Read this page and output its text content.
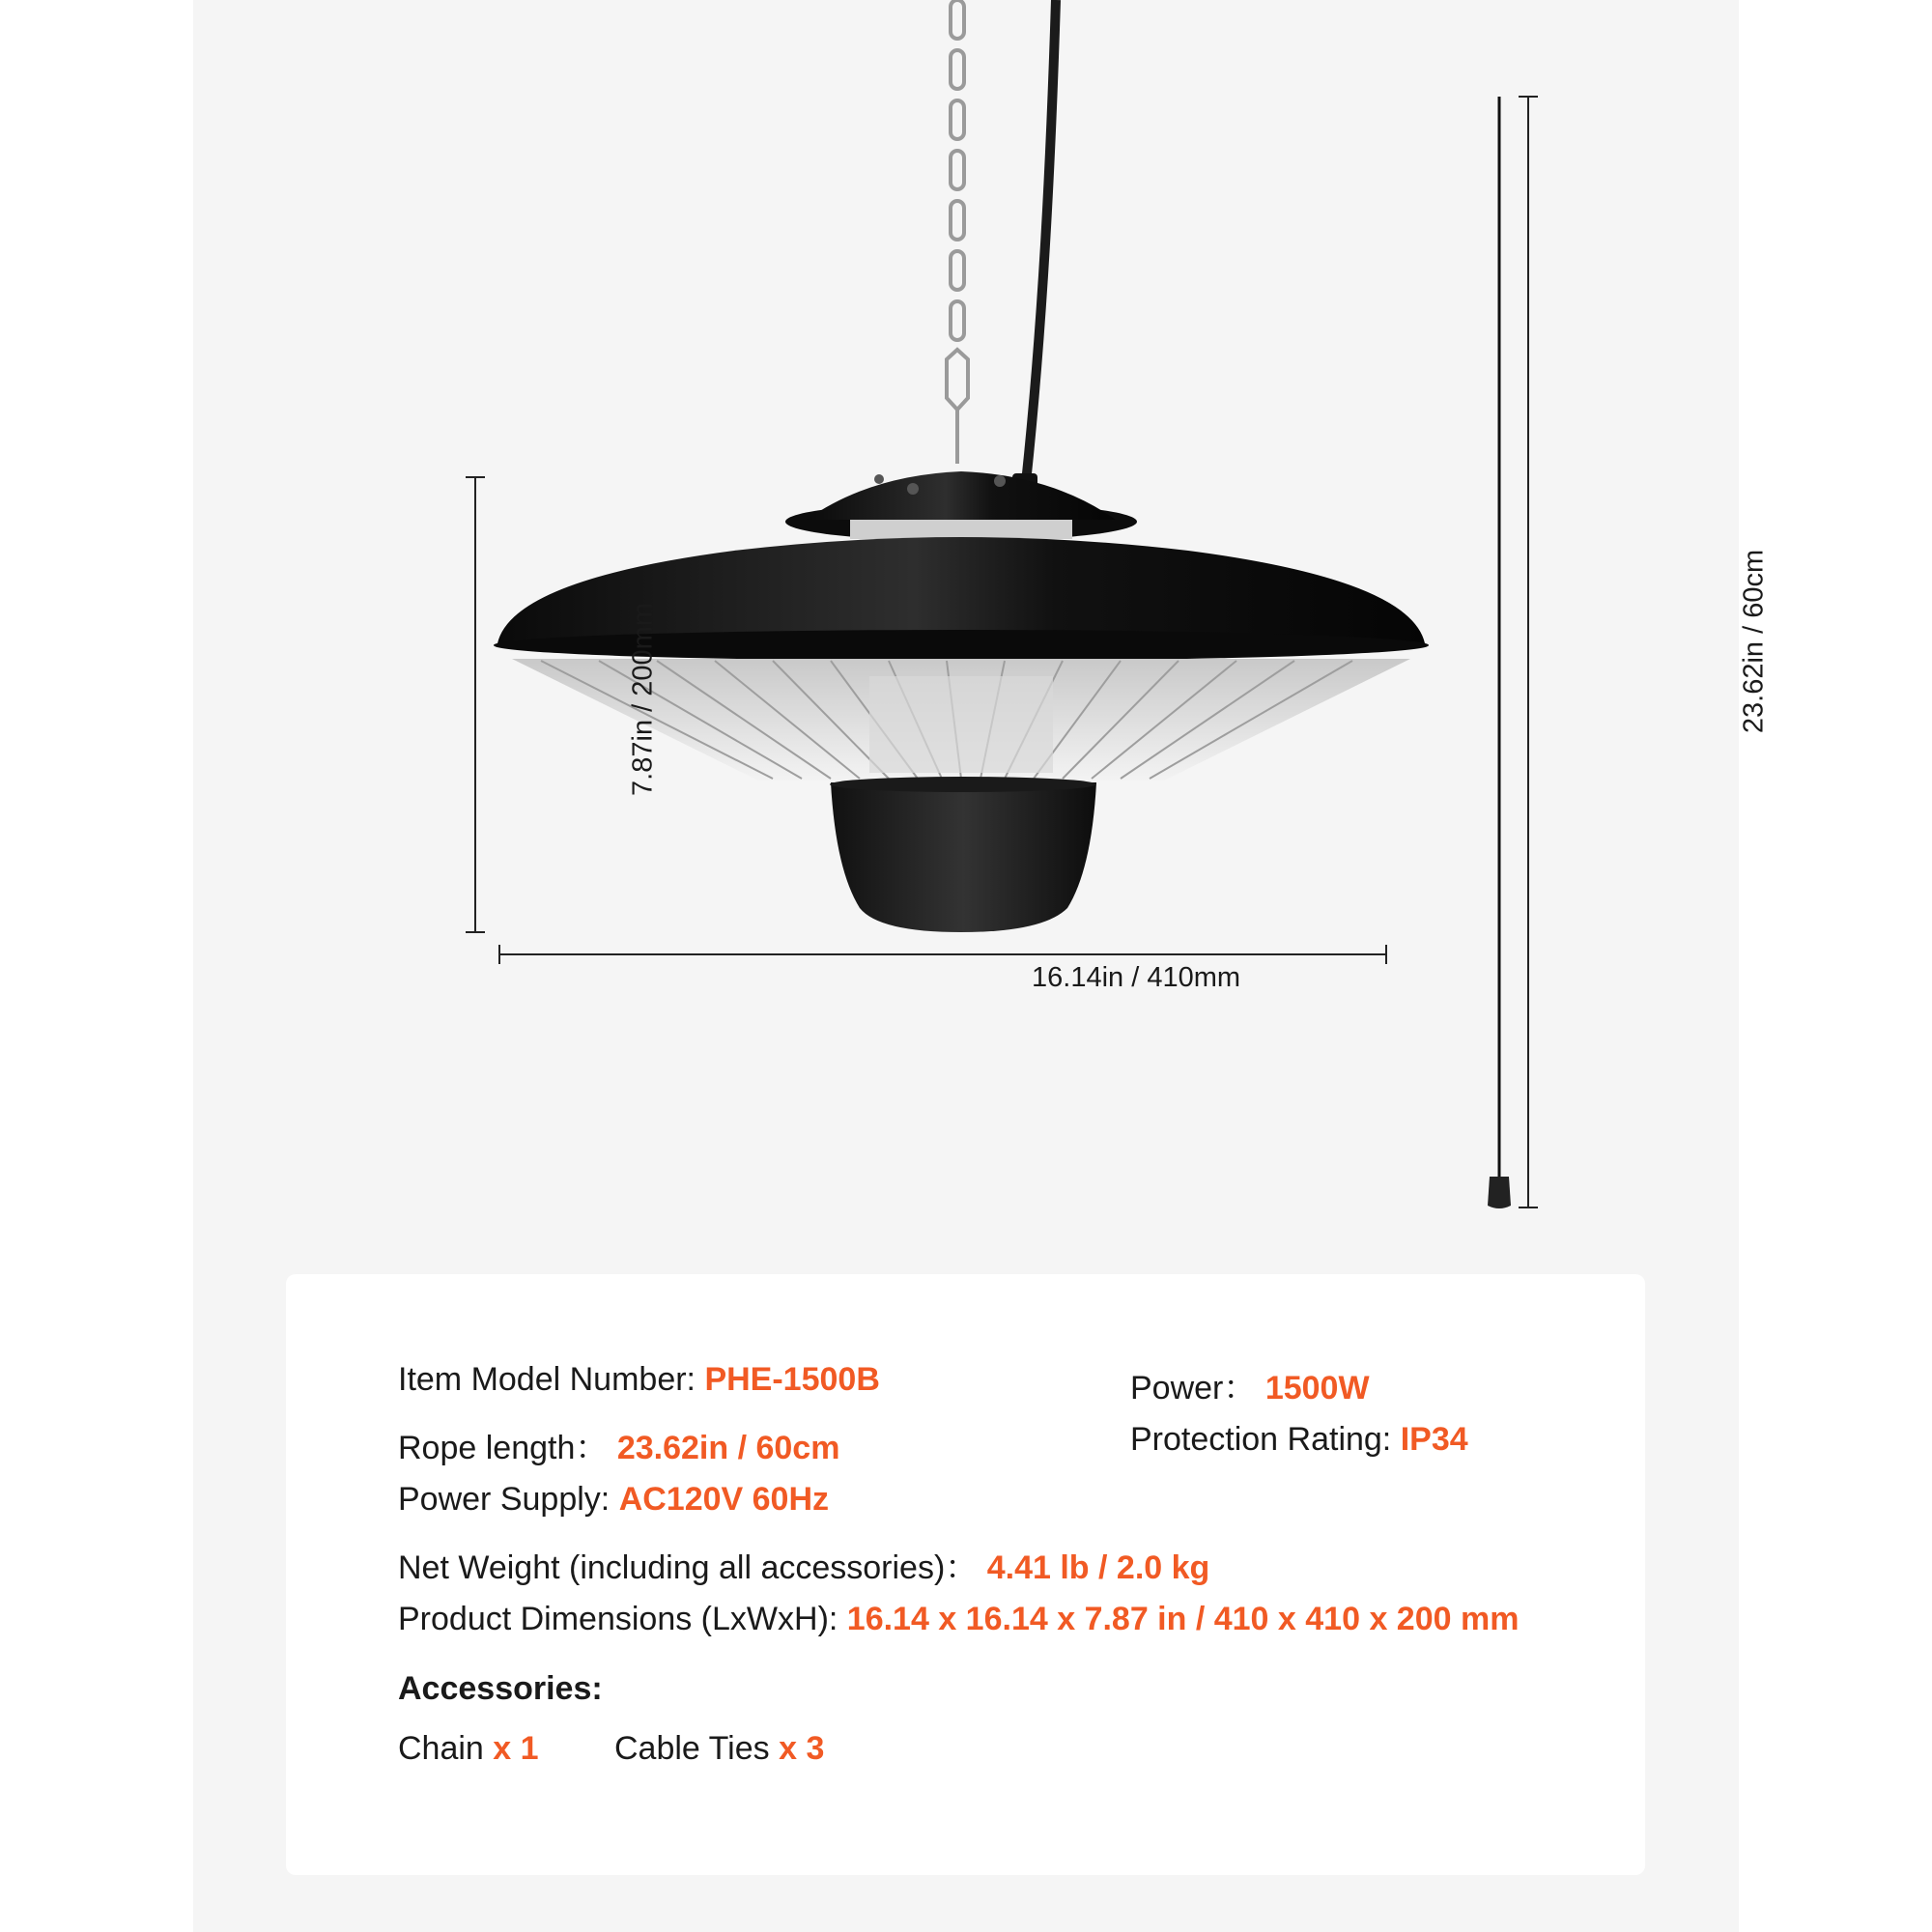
16.14in / 410mm
7.87in / 200mm	23.62in / 60cm
Item Model Number: PHE-1500B	Power： 1500W
Rope length： 23.62in / 60cm	Protection Rating: IP34
Power Supply: AC120V 60Hz
Net Weight (including all accessories)： 4.41 lb / 2.0 kg
Product Dimensions (LxWxH): 16.14 x 16.14 x 7.87 in / 410 x 410 x 200 mm
Accessories:
Chain x 1 Cable Ties x 3
